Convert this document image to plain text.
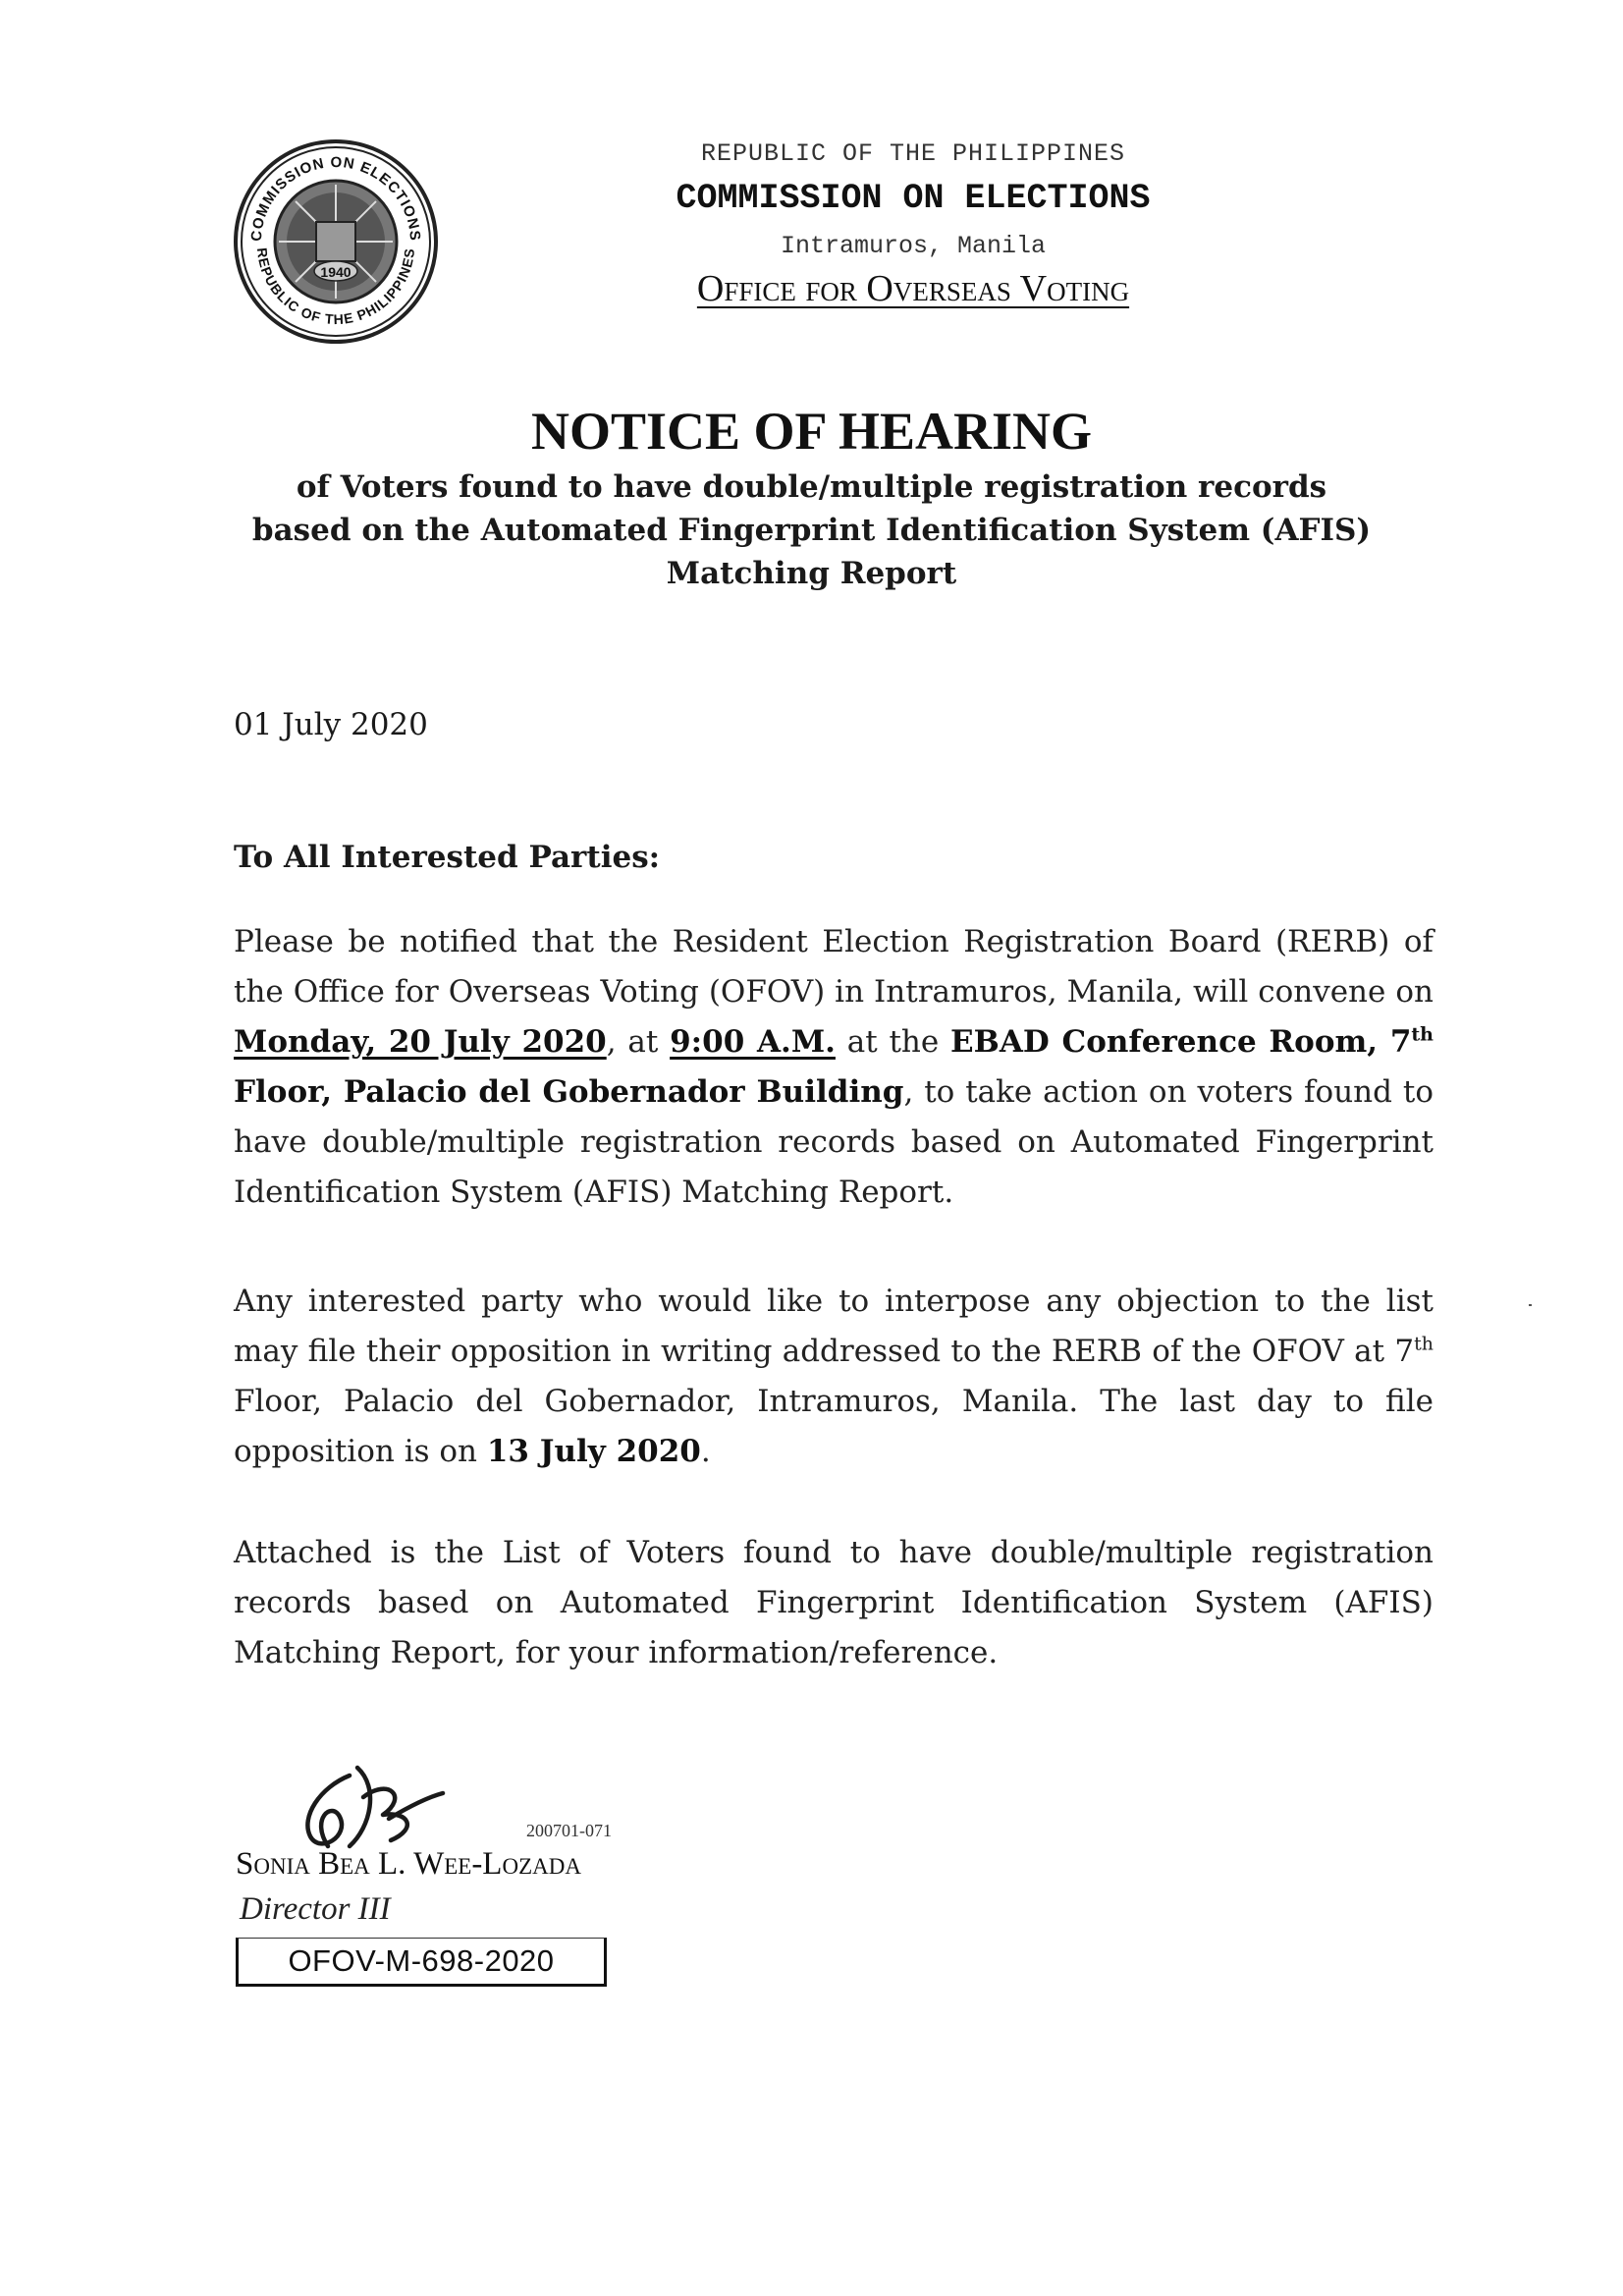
COMMISSION ON ELECTIONS
REPUBLIC OF THE PHILIPPINES
1940
REPUBLIC OF THE PHILIPPINES
COMMISSION ON ELECTIONS
Intramuros, Manila
Office for Overseas Voting
NOTICE OF HEARING
of Voters found to have double/multiple registration records
based on the Automated Fingerprint Identification System (AFIS)
Matching Report
01 July 2020
To All Interested Parties:
Please be notified that the Resident Election Registration Board (RERB) of the Office for Overseas Voting (OFOV) in Intramuros, Manila, will convene on Monday, 20 July 2020, at 9:00 A.M. at the EBAD Conference Room, 7th Floor, Palacio del Gobernador Building, to take action on voters found to have double/multiple registration records based on Automated Fingerprint Identification System (AFIS) Matching Report.
Any interested party who would like to interpose any objection to the list may file their opposition in writing addressed to the RERB of the OFOV at 7th Floor, Palacio del Gobernador, Intramuros, Manila. The last day to file opposition is on 13 July 2020.
Attached is the List of Voters found to have double/multiple registration records based on Automated Fingerprint Identification System (AFIS) Matching Report, for your information/reference.
200701-071
Sonia Bea L. Wee-Lozada
Director III
OFOV-M-698-2020
